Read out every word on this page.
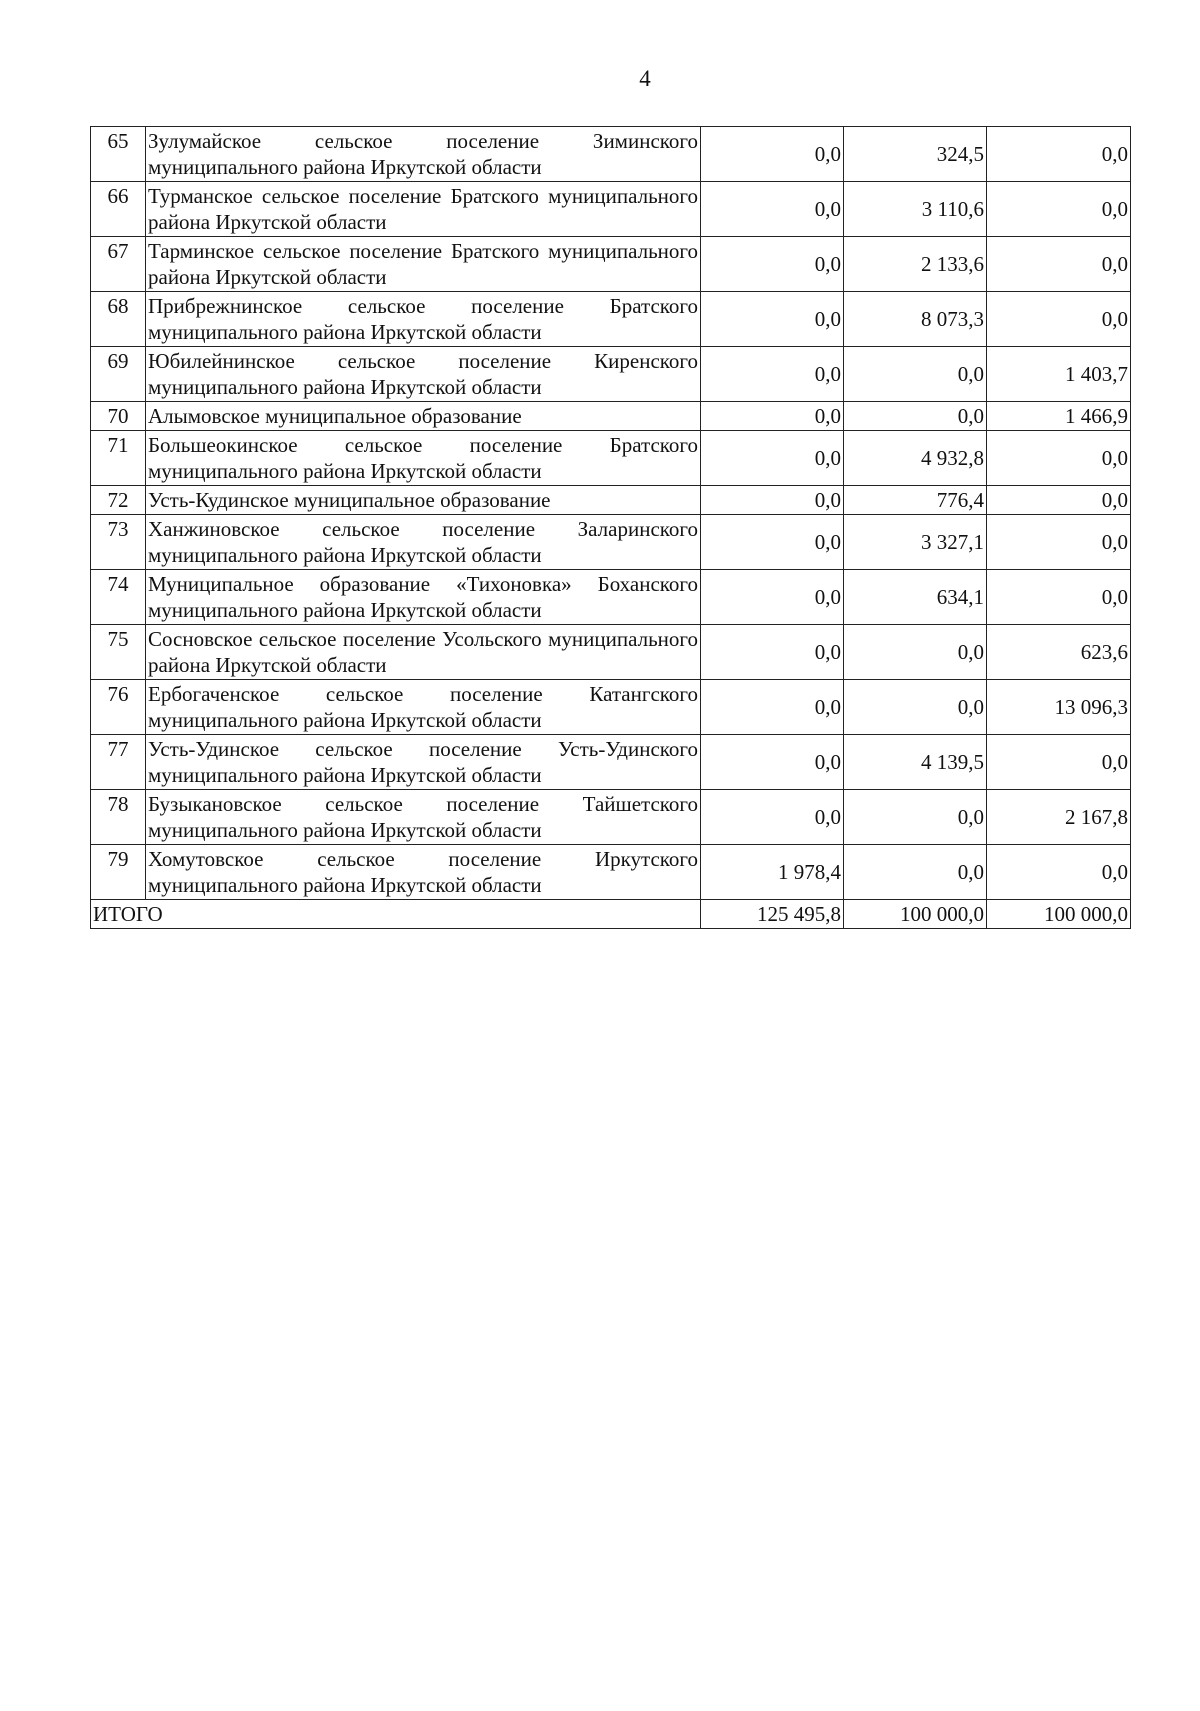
4
65	Зулумайское сельское поселение Зиминского муниципального района Иркутской области	0,0	324,5	0,0
66	Турманское сельское поселение Братского муниципального района Иркутской области	0,0	3 110,6	0,0
67	Тарминское сельское поселение Братского муниципального района Иркутской области	0,0	2 133,6	0,0
68	Прибрежнинское сельское поселение Братского муниципального района Иркутской области	0,0	8 073,3	0,0
69	Юбилейнинское сельское поселение Киренского муниципального района Иркутской области	0,0	0,0	1 403,7
70	Алымовское муниципальное образование	0,0	0,0	1 466,9
71	Большеокинское сельское поселение Братского муниципального района Иркутской области	0,0	4 932,8	0,0
72	Усть-Кудинское муниципальное образование	0,0	776,4	0,0
73	Ханжиновское сельское поселение Заларинского муниципального района Иркутской области	0,0	3 327,1	0,0
74	Муниципальное образование «Тихоновка» Боханского муниципального района Иркутской области	0,0	634,1	0,0
75	Сосновское сельское поселение Усольского муниципального района Иркутской области	0,0	0,0	623,6
76	Ербогаченское сельское поселение Катангского муниципального района Иркутской области	0,0	0,0	13 096,3
77	Усть-Удинское сельское поселение Усть-Удинского муниципального района Иркутской области	0,0	4 139,5	0,0
78	Бузыкановское сельское поселение Тайшетского муниципального района Иркутской области	0,0	0,0	2 167,8
79	Хомутовское сельское поселение Иркутского муниципального района Иркутской области	1 978,4	0,0	0,0
ИТОГО		125 495,8	100 000,0	100 000,0
